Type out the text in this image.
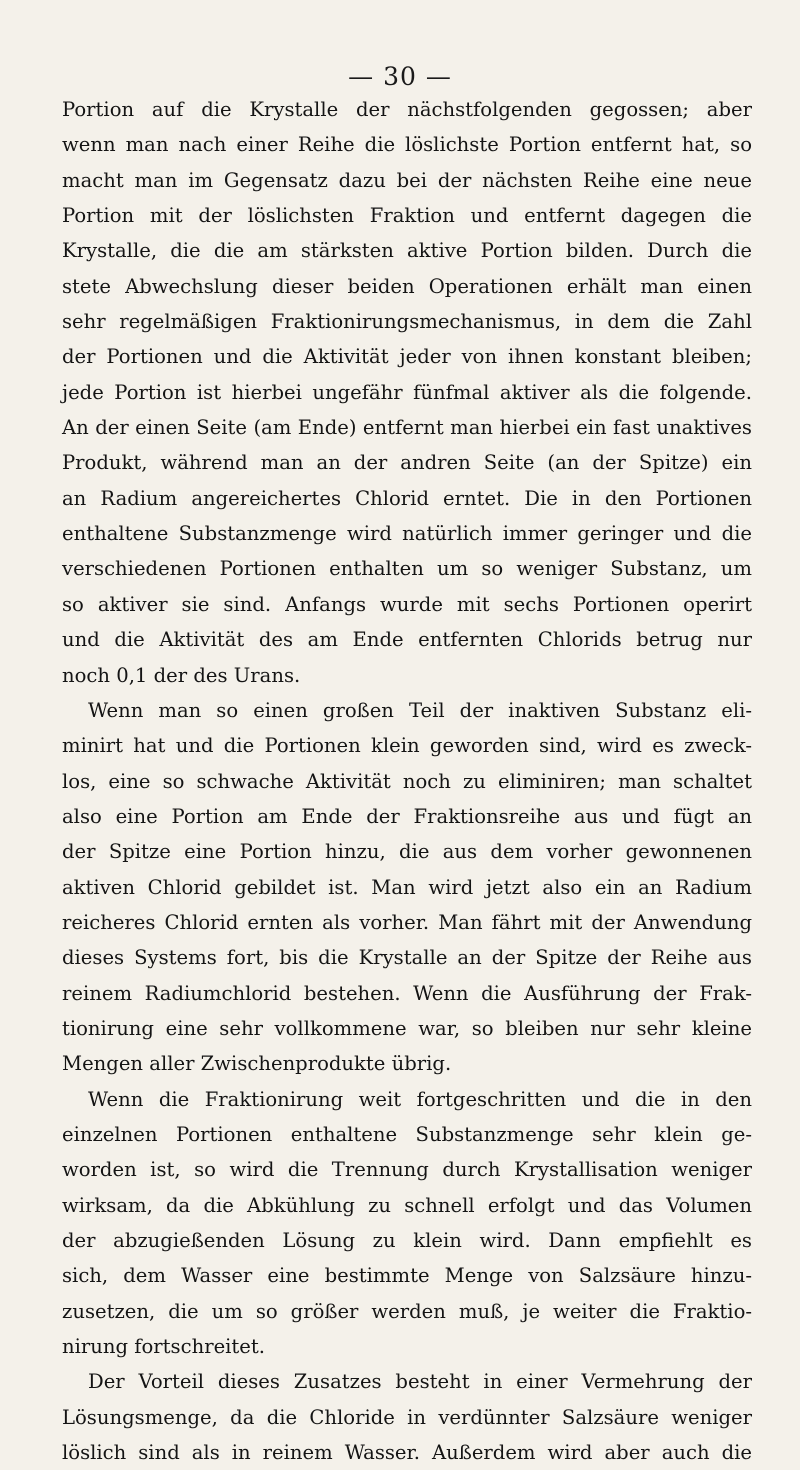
— 30 —
Portion auf die Krystalle der nächstfolgenden gegossen; aber
wenn man nach einer Reihe die löslichste Portion entfernt hat, so
macht man im Gegensatz dazu bei der nächsten Reihe eine neue
Portion mit der löslichsten Fraktion und entfernt dagegen die
Krystalle, die die am stärksten aktive Portion bilden. Durch die
stete Abwechslung dieser beiden Operationen erhält man einen
sehr regelmäßigen Fraktionirungsmechanismus, in dem die Zahl
der Portionen und die Aktivität jeder von ihnen konstant bleiben;
jede Portion ist hierbei ungefähr fünfmal aktiver als die folgende.
An der einen Seite (am Ende) entfernt man hierbei ein fast unaktives
Produkt, während man an der andren Seite (an der Spitze) ein
an Radium angereichertes Chlorid erntet. Die in den Portionen
enthaltene Substanzmenge wird natürlich immer geringer und die
verschiedenen Portionen enthalten um so weniger Substanz, um
so aktiver sie sind. Anfangs wurde mit sechs Portionen operirt
und die Aktivität des am Ende entfernten Chlorids betrug nur
noch 0,1 der des Urans.
Wenn man so einen großen Teil der inaktiven Substanz eli-
minirt hat und die Portionen klein geworden sind, wird es zweck-
los, eine so schwache Aktivität noch zu eliminiren; man schaltet
also eine Portion am Ende der Fraktionsreihe aus und fügt an
der Spitze eine Portion hinzu, die aus dem vorher gewonnenen
aktiven Chlorid gebildet ist. Man wird jetzt also ein an Radium
reicheres Chlorid ernten als vorher. Man fährt mit der Anwendung
dieses Systems fort, bis die Krystalle an der Spitze der Reihe aus
reinem Radiumchlorid bestehen. Wenn die Ausführung der Frak-
tionirung eine sehr vollkommene war, so bleiben nur sehr kleine
Mengen aller Zwischenprodukte übrig.
Wenn die Fraktionirung weit fortgeschritten und die in den
einzelnen Portionen enthaltene Substanzmenge sehr klein ge-
worden ist, so wird die Trennung durch Krystallisation weniger
wirksam, da die Abkühlung zu schnell erfolgt und das Volumen
der abzugießenden Lösung zu klein wird. Dann empfiehlt es
sich, dem Wasser eine bestimmte Menge von Salzsäure hinzu-
zusetzen, die um so größer werden muß, je weiter die Fraktio-
nirung fortschreitet.
Der Vorteil dieses Zusatzes besteht in einer Vermehrung der
Lösungsmenge, da die Chloride in verdünnter Salzsäure weniger
löslich sind als in reinem Wasser. Außerdem wird aber auch die
